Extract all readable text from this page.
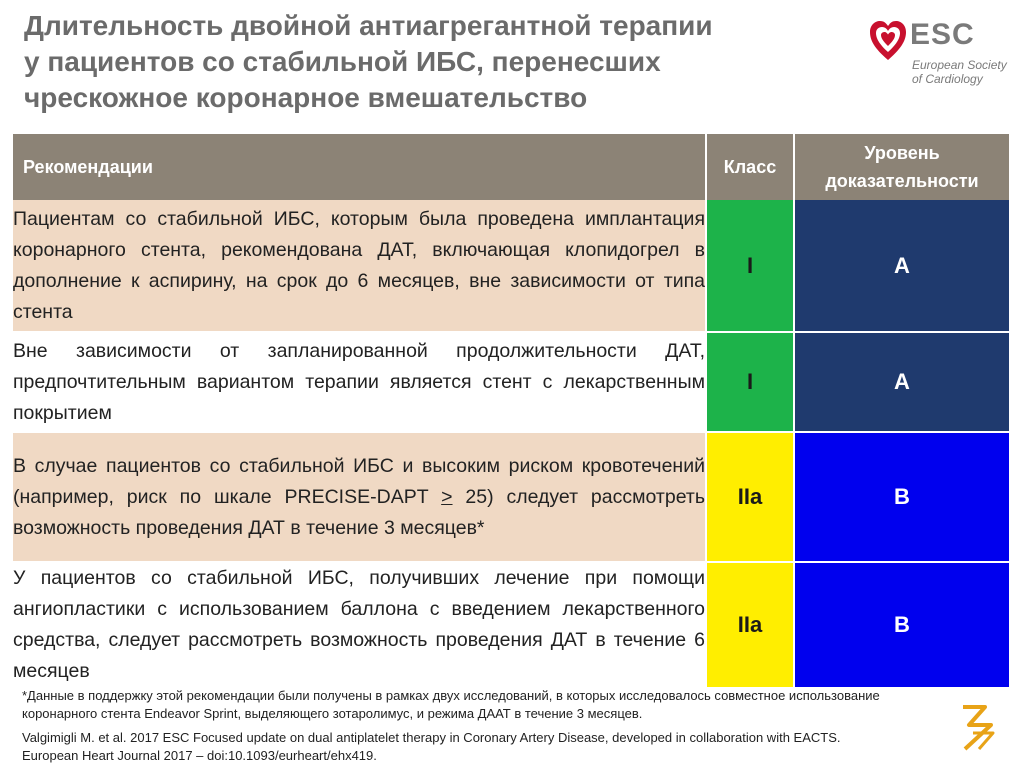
Длительность двойной антиагрегантной терапии
у пациентов со стабильной ИБС, перенесших
чрескожное коронарное вмешательство
ESC
European Society
of Cardiology
Рекомендации	Класс	Уровень
доказательности

Пациентам со стабильной ИБС, которым была проведена имплантация коронарного стента, рекомендована ДАТ, включающая клопидогрел в дополнение к аспирину, на срок до 6 месяцев, вне зависимости от типа стента	I	A
Вне зависимости от запланированной продолжительности ДАТ, предпочтительным вариантом терапии является стент с лекарственным покрытием	I	A
В случае пациентов со стабильной ИБС и высоким риском кровотечений (например, риск по шкале PRECISE-DAPT > 25) следует рассмотреть возможность проведения ДАТ в течение 3 месяцев*	IIa	B
У пациентов со стабильной ИБС, получивших лечение при помощи ангиопластики с использованием баллона с введением лекарственного средства, следует рассмотреть возможность проведения ДАТ в течение 6 месяцев	IIa	B
*Данные в поддержку этой рекомендации были получены в рамках двух исследований, в которых исследовалось совместное использование
коронарного стента Endeavor Sprint, выделяющего зотаролимус, и режима ДААТ в течение 3 месяцев.
Valgimigli M. et al. 2017 ESC Focused update on dual antiplatelet therapy in Coronary Artery Disease, developed in collaboration with EACTS.
European Heart Journal 2017 – doi:10.1093/eurheart/ehx419.
